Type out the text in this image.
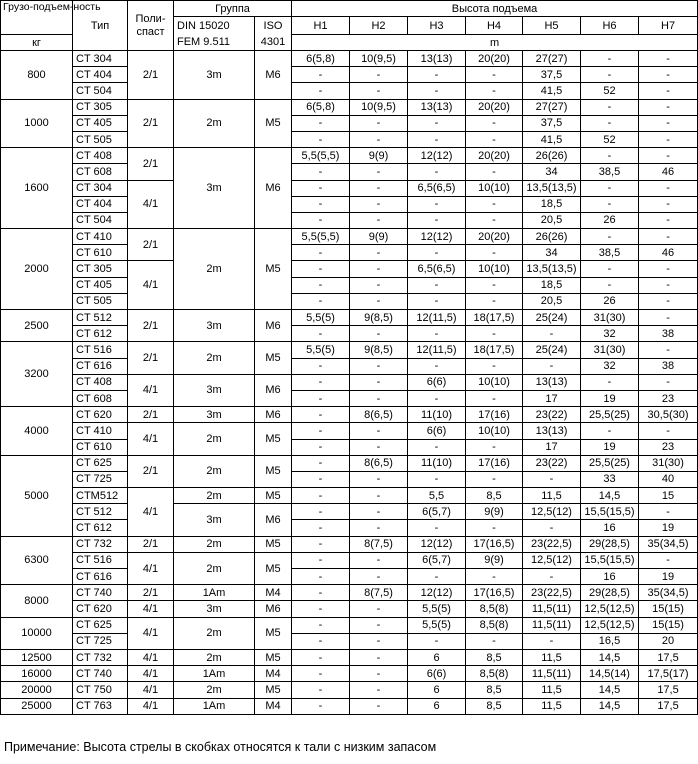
Грузо-подъем-ность	Тип	Поли-спаст	Группа		Высота подъема						
			DIN 15020	ISO	H1	H2	H3	H4	H5	H6	H7
кг			FEM 9.511	4301	m						
800	CT 304	2/1	3m	M6	6(5,8)	10(9,5)	13(13)	20(20)	27(27)	-	-
	CT 404				-	-	-	-	37,5	-	-
	CT 504				-	-	-	-	41,5	52	-
1000	CT 305	2/1	2m	M5	6(5,8)	10(9,5)	13(13)	20(20)	27(27)	-	-
	CT 405				-	-	-	-	37,5	-	-
	CT 505				-	-	-	-	41,5	52	-
1600	CT 408	2/1	3m	M6	5,5(5,5)	9(9)	12(12)	20(20)	26(26)	-	-
	CT 608				-	-	-	-	34	38,5	46
	CT 304	4/1			-	-	6,5(6,5)	10(10)	13,5(13,5)	-	-
	CT 404				-	-	-	-	18,5	-	-
	CT 504				-	-	-	-	20,5	26	-
2000	CT 410	2/1	2m	M5	5,5(5,5)	9(9)	12(12)	20(20)	26(26)	-	-
	CT 610				-	-	-	-	34	38,5	46
	CT 305	4/1			-	-	6,5(6,5)	10(10)	13,5(13,5)	-	-
	CT 405				-	-	-	-	18,5	-	-
	CT 505				-	-	-	-	20,5	26	-
2500	CT 512	2/1	3m	M6	5,5(5)	9(8,5)	12(11,5)	18(17,5)	25(24)	31(30)	-
	CT 612				-	-	-	-	-	32	38
3200	CT 516	2/1	2m	M5	5,5(5)	9(8,5)	12(11,5)	18(17,5)	25(24)	31(30)	-
	CT 616				-	-	-	-	-	32	38
	CT 408	4/1	3m	M6	-	-	6(6)	10(10)	13(13)	-	-
	CT 608				-	-	-	-	17	19	23
4000	CT 620	2/1	3m	M6	-	8(6,5)	11(10)	17(16)	23(22)	25,5(25)	30,5(30)
	CT 410	4/1	2m	M5	-	-	6(6)	10(10)	13(13)	-	-
	CT 610				-	-	-	-	17	19	23
5000	CT 625	2/1	2m	M5	-	8(6,5)	11(10)	17(16)	23(22)	25,5(25)	31(30)
	CT 725				-	-	-	-	-	33	40
	CTM512	4/1	2m	M5	-	-	5,5	8,5	11,5	14,5	15
	CT 512		3m	M6	-	-	6(5,7)	9(9)	12,5(12)	15,5(15,5)	-
	CT 612				-	-	-	-	-	16	19
6300	CT 732	2/1	2m	M5	-	8(7,5)	12(12)	17(16,5)	23(22,5)	29(28,5)	35(34,5)
	CT 516	4/1	2m	M5	-	-	6(5,7)	9(9)	12,5(12)	15,5(15,5)	-
	CT 616				-	-	-	-	-	16	19
8000	CT 740	2/1	1Am	M4	-	8(7,5)	12(12)	17(16,5)	23(22,5)	29(28,5)	35(34,5)
	CT 620	4/1	3m	M6	-	-	5,5(5)	8,5(8)	11,5(11)	12,5(12,5)	15(15)
10000	CT 625	4/1	2m	M5	-	-	5,5(5)	8,5(8)	11,5(11)	12,5(12,5)	15(15)
	CT 725				-	-	-	-	-	16,5	20
12500	CT 732	4/1	2m	M5	-	-	6	8,5	11,5	14,5	17,5
16000	CT 740	4/1	1Am	M4	-	-	6(6)	8,5(8)	11,5(11)	14,5(14)	17,5(17)
20000	CT 750	4/1	2m	M5	-	-	6	8,5	11,5	14,5	17,5
25000	CT 763	4/1	1Am	M4	-	-	6	8,5	11,5	14,5	17,5
Примечание: Высота стрелы в скобках относятся к тали с низким запасом
